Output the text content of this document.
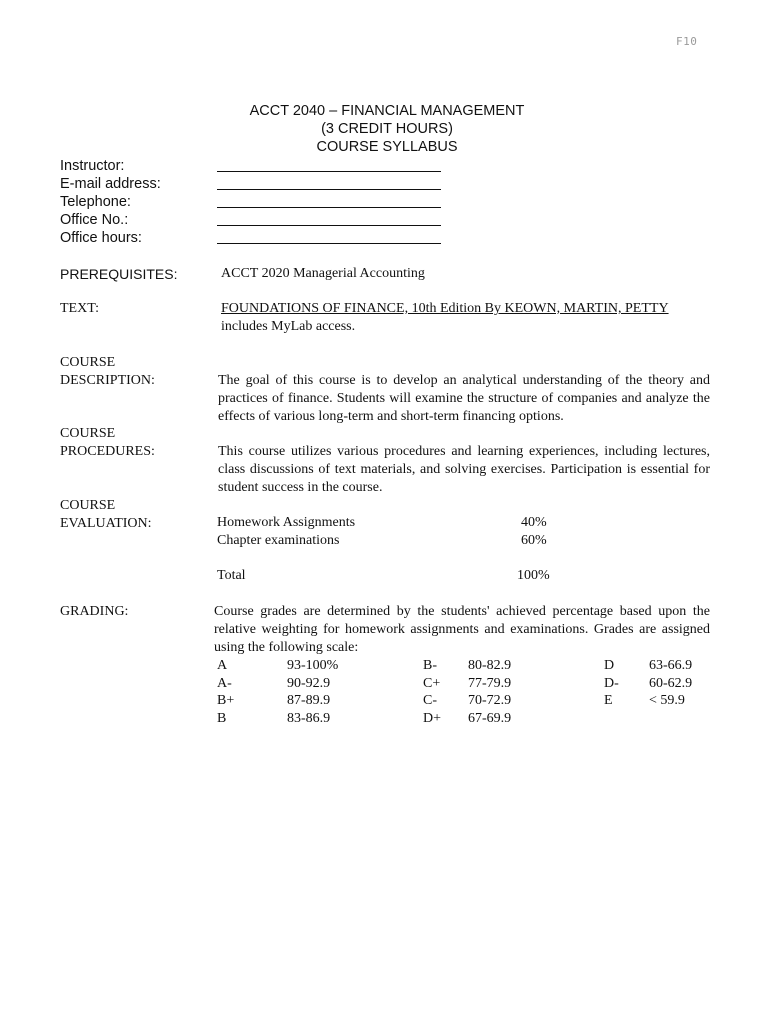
F10
ACCT 2040 – FINANCIAL MANAGEMENT
(3 CREDIT HOURS)
COURSE SYLLABUS
Instructor:
E-mail address:
Telephone:
Office No.:
Office hours:
PREREQUISITES:	ACCT 2020 Managerial Accounting
TEXT:	FOUNDATIONS OF FINANCE, 10th Edition By KEOWN, MARTIN, PETTY
includes MyLab access.
COURSE
DESCRIPTION:	The goal of this course is to develop an analytical understanding of the theory and practices of finance. Students will examine the structure of companies and analyze the effects of various long-term and short-term financing options.
COURSE
PROCEDURES:	This course utilizes various procedures and learning experiences, including lectures, class discussions of text materials, and solving exercises. Participation is essential for student success in the course.
COURSE
EVALUATION:	Homework Assignments	40%
Chapter examinations	60%
Total	100%
GRADING:	Course grades are determined by the students' achieved percentage based upon the relative weighting for homework assignments and examinations. Grades are assigned using the following scale:
A	93-100%	B- 80-82.9	D 63-66.9
A-	90-92.9	C+ 77-79.9	D- 60-62.9
B+	87-89.9	C- 70-72.9	E	< 59.9
B	83-86.9	D+ 67-69.9
